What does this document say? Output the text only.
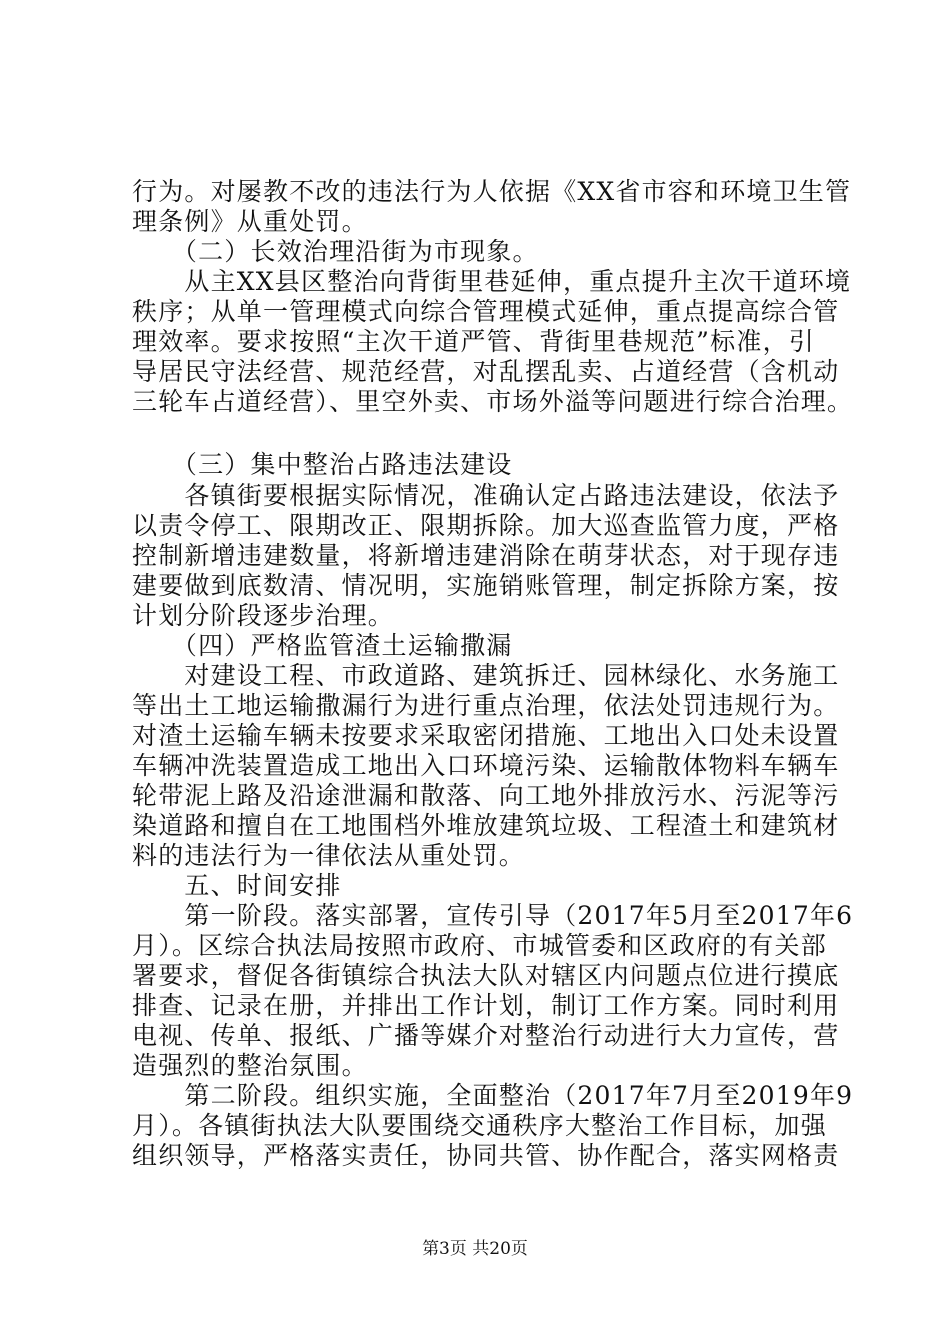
行为。对屡教不改的违法行为人依据《XX省市容和环境卫生管
理条例》从重处罚。
　　（二）长效治理沿街为市现象。
　　从主XX县区整治向背街里巷延伸，重点提升主次干道环境
秩序；从单一管理模式向综合管理模式延伸，重点提高综合管
理效率。要求按照“主次干道严管、背街里巷规范”标准，引
导居民守法经营、规范经营，对乱摆乱卖、占道经营（含机动
三轮车占道经营）、里空外卖、市场外溢等问题进行综合治理。
　　（三）集中整治占路违法建设
　　各镇街要根据实际情况，准确认定占路违法建设，依法予
以责令停工、限期改正、限期拆除。加大巡查监管力度，严格
控制新增违建数量，将新增违建消除在萌芽状态，对于现存违
建要做到底数清、情况明，实施销账管理，制定拆除方案，按
计划分阶段逐步治理。
　　（四）严格监管渣土运输撒漏
　　对建设工程、市政道路、建筑拆迁、园林绿化、水务施工
等出土工地运输撒漏行为进行重点治理，依法处罚违规行为。
对渣土运输车辆未按要求采取密闭措施、工地出入口处未设置
车辆冲洗装置造成工地出入口环境污染、运输散体物料车辆车
轮带泥上路及沿途泄漏和散落、向工地外排放污水、污泥等污
染道路和擅自在工地围档外堆放建筑垃圾、工程渣土和建筑材
料的违法行为一律依法从重处罚。
　　五、时间安排
　　第一阶段。落实部署，宣传引导（2017年5月至2017年6
月）。区综合执法局按照市政府、市城管委和区政府的有关部
署要求，督促各街镇综合执法大队对辖区内问题点位进行摸底
排查、记录在册，并排出工作计划，制订工作方案。同时利用
电视、传单、报纸、广播等媒介对整治行动进行大力宣传，营
造强烈的整治氛围。
　　第二阶段。组织实施，全面整治（2017年7月至2019年9
月）。各镇街执法大队要围绕交通秩序大整治工作目标，加强
组织领导，严格落实责任，协同共管、协作配合，落实网格责
第3页 共20页
